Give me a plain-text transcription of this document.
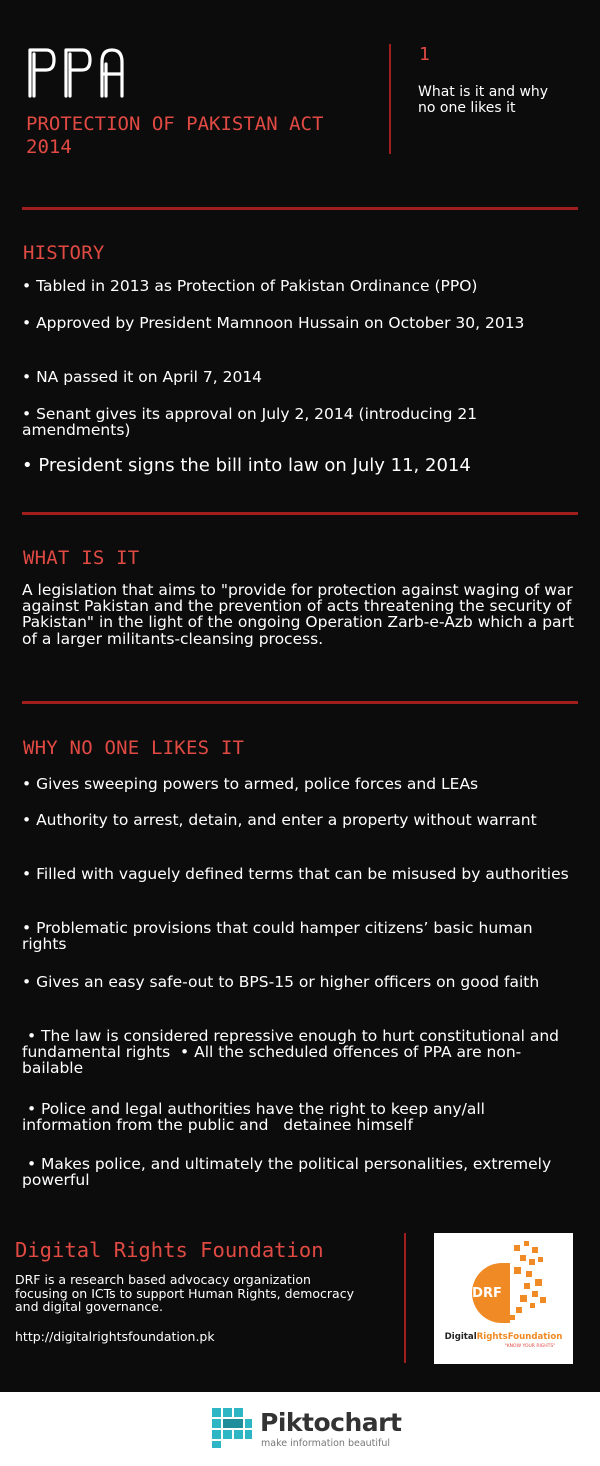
PROTECTION OF PAKISTAN ACT
2014
1
What is it and why
no one likes it
HISTORY
• Tabled in 2013 as Protection of Pakistan Ordinance (PPO)
• Approved by President Mamnoon Hussain on October 30, 2013
• NA passed it on April 7, 2014
• Senant gives its approval on July 2, 2014 (introducing 21 amendments)
• President signs the bill into law on July 11, 2014
WHAT IS IT
A legislation that aims to "provide for protection against waging of war against Pakistan and the prevention of acts threatening the security of Pakistan" in the light of the ongoing Operation Zarb-e-Azb which a part of a larger militants-cleansing process.
WHY NO ONE LIKES IT
• Gives sweeping powers to armed, police forces and LEAs
• Authority to arrest, detain, and enter a property without warrant
• Filled with vaguely defined terms that can be misused by authorities
• Problematic provisions that could hamper citizens’ basic human rights
• Gives an easy safe-out to BPS-15 or higher officers on good faith
• The law is considered repressive enough to hurt constitutional and fundamental rights  • All the scheduled offences of PPA are non-bailable
• Police and legal authorities have the right to keep any/all information from the public and   detainee himself
• Makes police, and ultimately the political personalities, extremely powerful
Digital Rights Foundation
DRF is a research based advocacy organization focusing on ICTs to support Human Rights, democracy and digital governance.
http://digitalrightsfoundation.pk
DRF
DigitalRightsFoundation
"KNOW YOUR RIGHTS"
Piktochart
make information beautiful
